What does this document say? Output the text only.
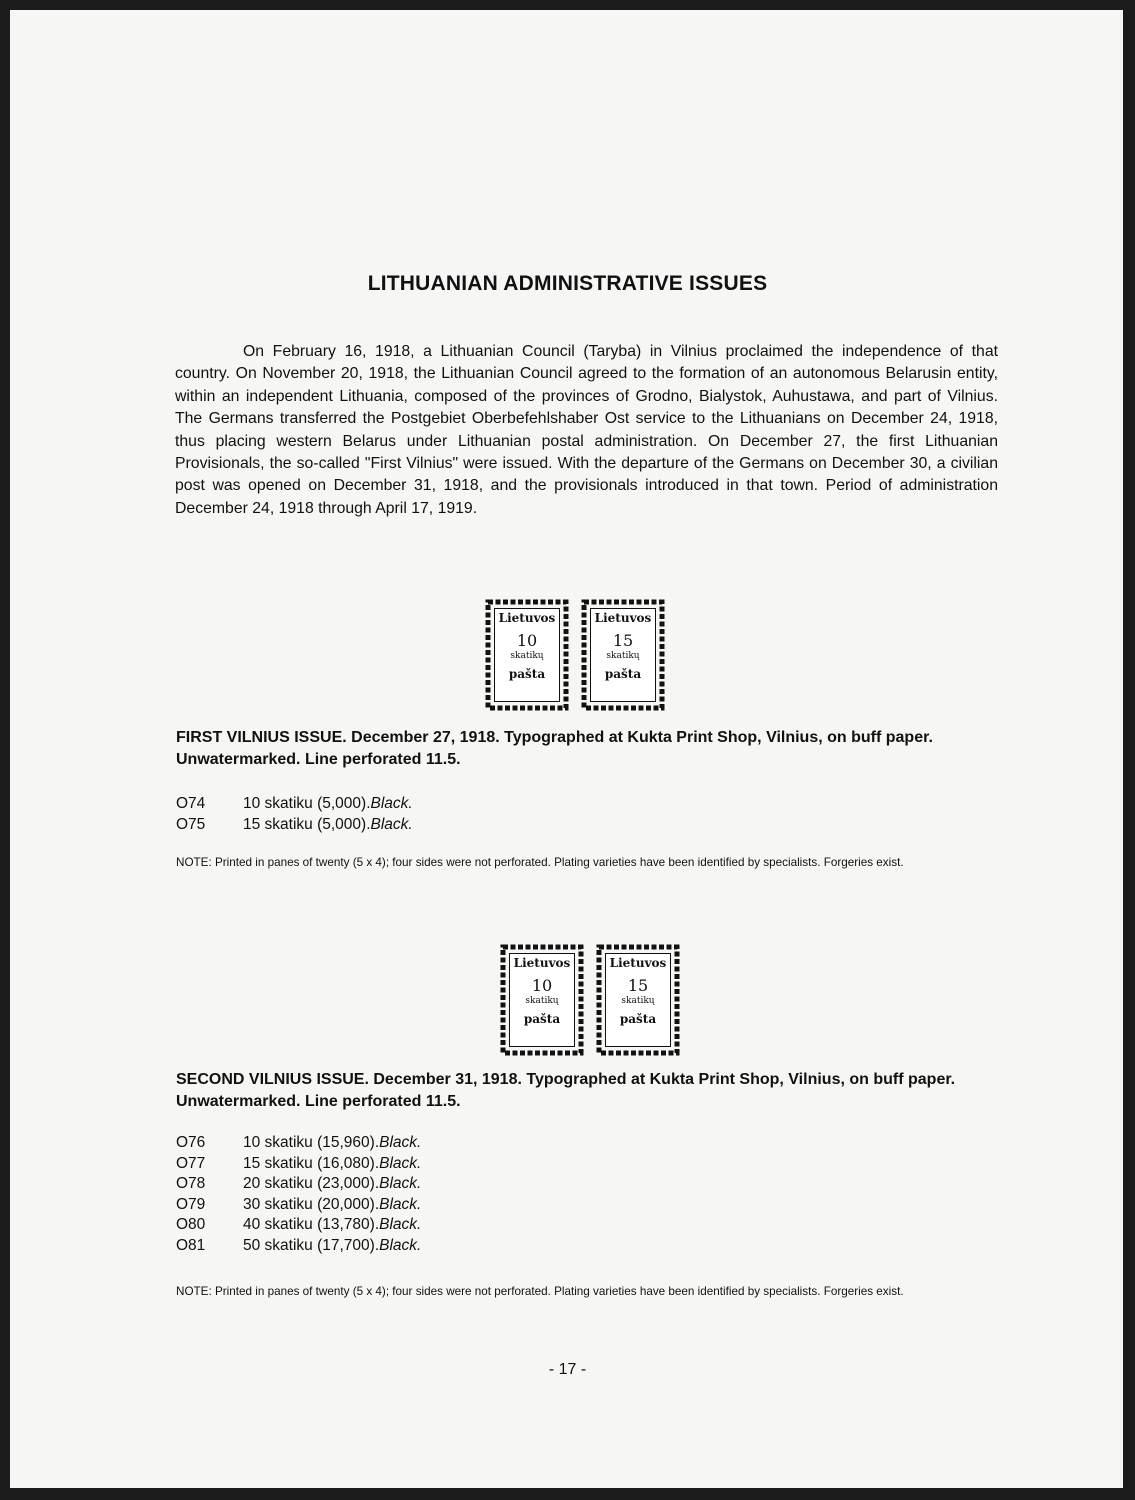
LITHUANIAN ADMINISTRATIVE ISSUES
On February 16, 1918, a Lithuanian Council (Taryba) in Vilnius proclaimed the independence of that country. On November 20, 1918, the Lithuanian Council agreed to the formation of an autonomous Belarusin entity, within an independent Lithuania, composed of the provinces of Grodno, Bialystok, Auhustawa, and part of Vilnius. The Germans transferred the Postgebiet Oberbefehlshaber Ost service to the Lithuanians on December 24, 1918, thus placing western Belarus under Lithuanian postal administration. On December 27, the first Lithuanian Provisionals, the so-called "First Vilnius" were issued. With the departure of the Germans on December 30, a civilian post was opened on December 31, 1918, and the provisionals introduced in that town. Period of administration December 24, 1918 through April 17, 1919.
Lietuvos
10
skatikų
pašta
Lietuvos
15
skatikų
pašta
FIRST VILNIUS ISSUE. December 27, 1918. Typographed at Kukta Print Shop, Vilnius, on buff paper. Unwatermarked. Line perforated 11.5.
O74	10 skatiku (5,000). Black.
O75	15 skatiku (5,000). Black.
NOTE: Printed in panes of twenty (5 x 4); four sides were not perforated. Plating varieties have been identified by specialists. Forgeries exist.
Lietuvos
10
skatikų
pašta
Lietuvos
15
skatikų
pašta
SECOND VILNIUS ISSUE. December 31, 1918. Typographed at Kukta Print Shop, Vilnius, on buff paper. Unwatermarked. Line perforated 11.5.
O76	10 skatiku (15,960). Black.
O77	15 skatiku (16,080). Black.
O78	20 skatiku (23,000). Black.
O79	30 skatiku (20,000). Black.
O80	40 skatiku (13,780). Black.
O81	50 skatiku (17,700). Black.
NOTE: Printed in panes of twenty (5 x 4); four sides were not perforated. Plating varieties have been identified by specialists. Forgeries exist.
- 17 -
